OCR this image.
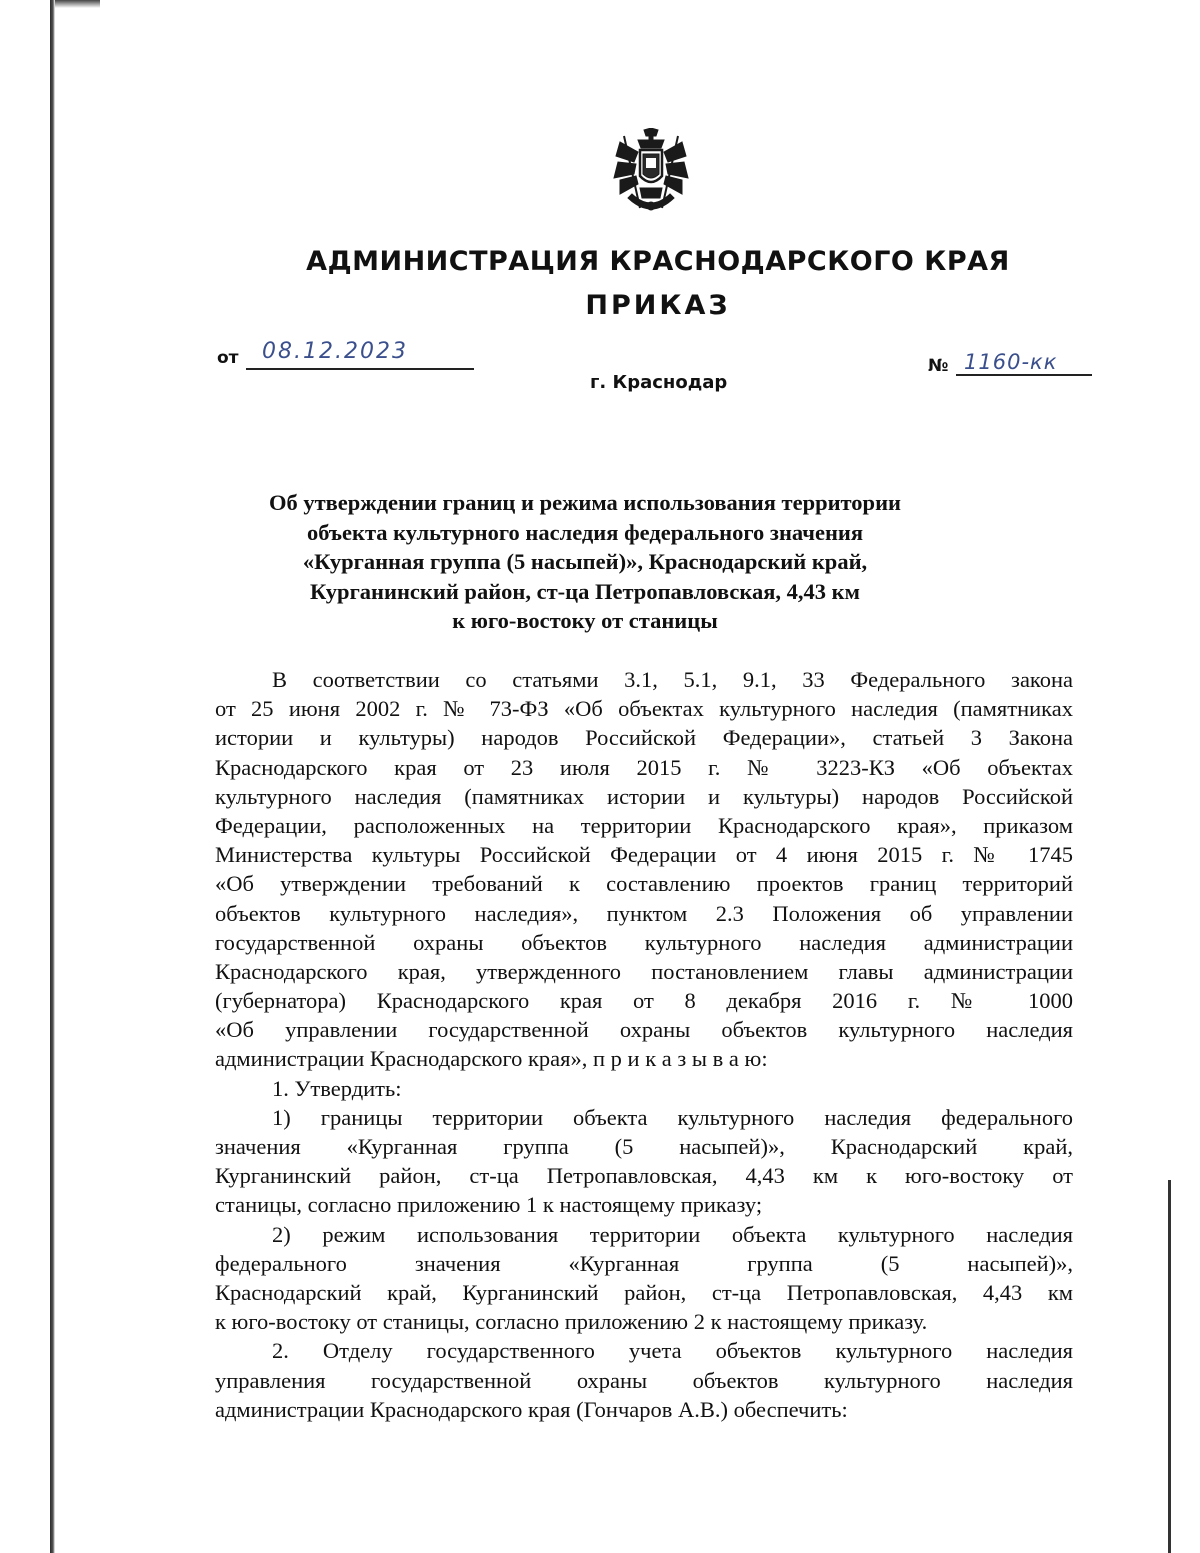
АДМИНИСТРАЦИЯ КРАСНОДАРСКОГО КРАЯ
ПРИКАЗ
от 08.12.2023
г. Краснодар
№ 1160-кк
Об утверждении границ и режима использования территории
объекта культурного наследия федерального значения
«Курганная группа (5 насыпей)», Краснодарский край,
Курганинский район, ст-ца Петропавловская, 4,43 км
к юго-востоку от станицы
В соответствии со статьями 3.1, 5.1, 9.1, 33 Федерального закона
от 25 июня 2002 г. № 73-ФЗ «Об объектах культурного наследия (памятниках
истории и культуры) народов Российской Федерации», статьей 3 Закона
Краснодарского края от 23 июля 2015 г. № 3223-КЗ «Об объектах
культурного наследия (памятниках истории и культуры) народов Российской
Федерации, расположенных на территории Краснодарского края», приказом
Министерства культуры Российской Федерации от 4 июня 2015 г. № 1745
«Об утверждении требований к составлению проектов границ территорий
объектов культурного наследия», пунктом 2.3 Положения об управлении
государственной охраны объектов культурного наследия администрации
Краснодарского края, утвержденного постановлением главы администрации
(губернатора) Краснодарского края от 8 декабря 2016 г. № 1000
«Об управлении государственной охраны объектов культурного наследия
администрации Краснодарского края», п р и к а з ы в а ю:
1. Утвердить:
1) границы территории объекта культурного наследия федерального
значения «Курганная группа (5 насыпей)», Краснодарский край,
Курганинский район, ст-ца Петропавловская, 4,43 км к юго-востоку от
станицы, согласно приложению 1 к настоящему приказу;
2) режим использования территории объекта культурного наследия
федерального значения «Курганная группа (5 насыпей)»,
Краснодарский край, Курганинский район, ст-ца Петропавловская, 4,43 км
к юго-востоку от станицы, согласно приложению 2 к настоящему приказу.
2. Отделу государственного учета объектов культурного наследия
управления государственной охраны объектов культурного наследия
администрации Краснодарского края (Гончаров А.В.) обеспечить:
